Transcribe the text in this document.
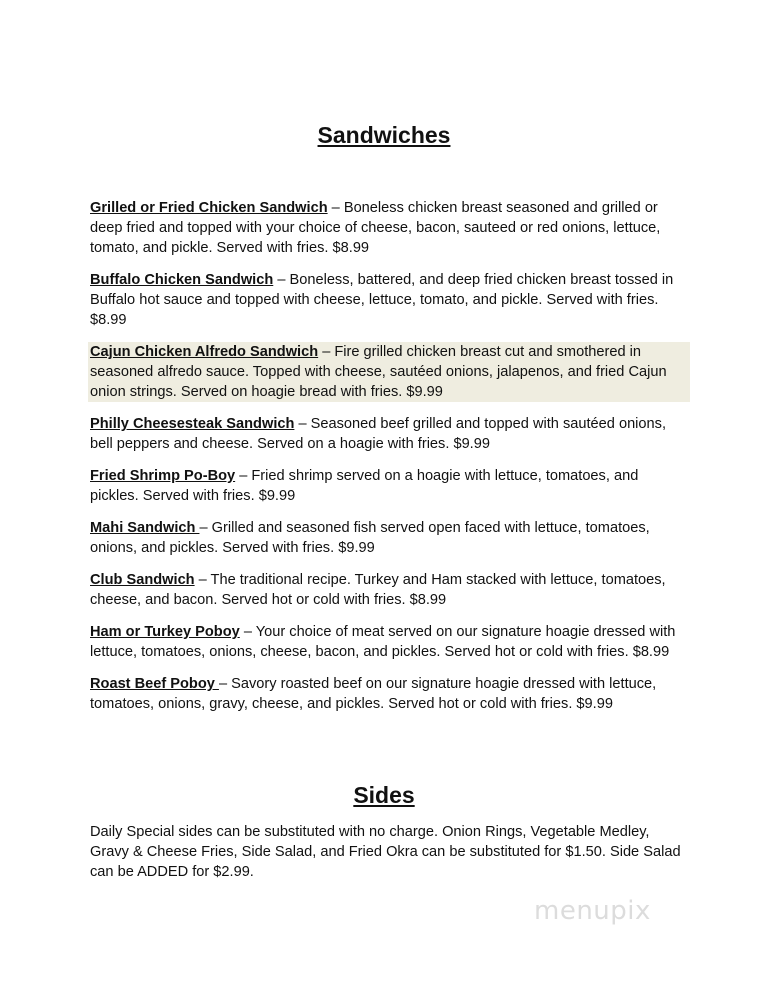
Sandwiches

Grilled or Fried Chicken Sandwich – Boneless chicken breast seasoned and grilled or deep fried and topped with your choice of cheese, bacon, sauteed or red onions, lettuce, tomato, and pickle. Served with fries. $8.99

Buffalo Chicken Sandwich – Boneless, battered, and deep fried chicken breast tossed in Buffalo hot sauce and topped with cheese, lettuce, tomato, and pickle. Served with fries. $8.99

Cajun Chicken Alfredo Sandwich – Fire grilled chicken breast cut and smothered in seasoned alfredo sauce. Topped with cheese, sautéed onions, jalapenos, and fried Cajun onion strings. Served on hoagie bread with fries. $9.99

Philly Cheesesteak Sandwich – Seasoned beef grilled and topped with sautéed onions, bell peppers and cheese. Served on a hoagie with fries. $9.99

Fried Shrimp Po-Boy – Fried shrimp served on a hoagie with lettuce, tomatoes, and pickles. Served with fries. $9.99

Mahi Sandwich – Grilled and seasoned fish served open faced with lettuce, tomatoes, onions, and pickles. Served with fries. $9.99

Club Sandwich – The traditional recipe. Turkey and Ham stacked with lettuce, tomatoes, cheese, and bacon. Served hot or cold with fries. $8.99

Ham or Turkey Poboy – Your choice of meat served on our signature hoagie dressed with lettuce, tomatoes, onions, cheese, bacon, and pickles. Served hot or cold with fries. $8.99

Roast Beef Poboy – Savory roasted beef on our signature hoagie dressed with lettuce, tomatoes, onions, gravy, cheese, and pickles. Served hot or cold with fries. $9.99

Sides
Daily Special sides can be substituted with no charge. Onion Rings, Vegetable Medley, Gravy & Cheese Fries, Side Salad, and Fried Okra can be substituted for $1.50. Side Salad can be ADDED for $2.99.
menupix
